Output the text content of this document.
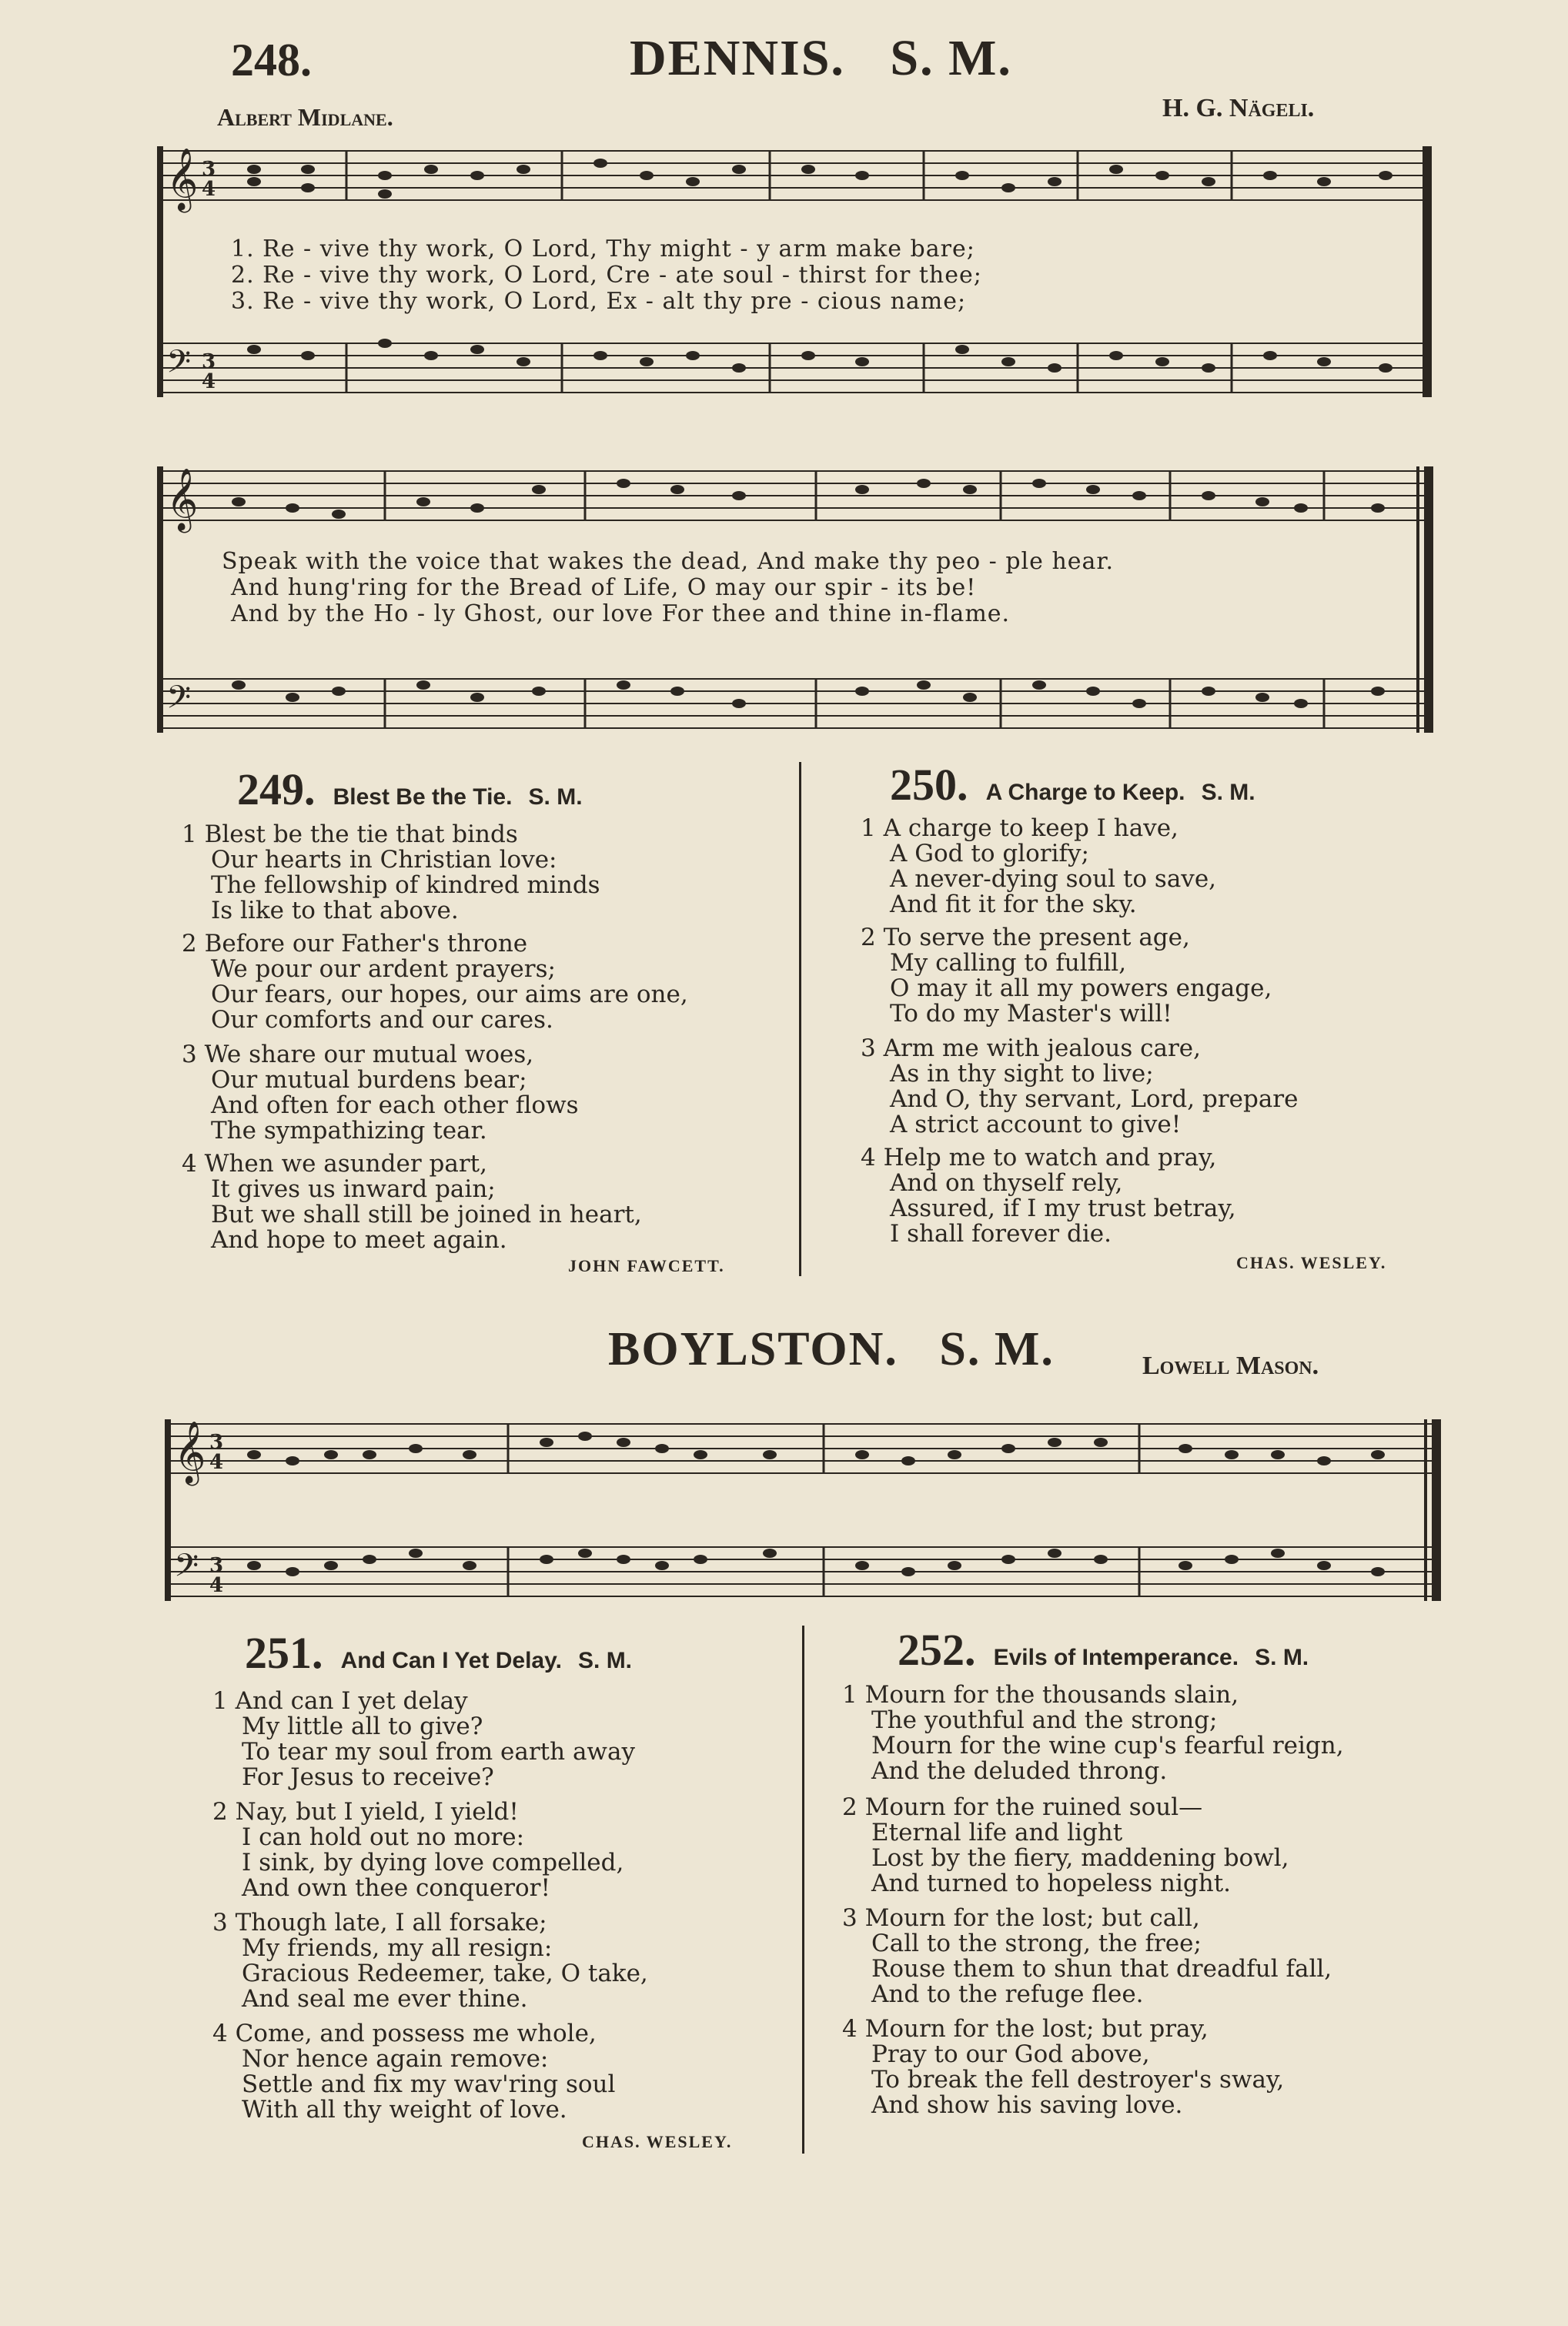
248.	DENNIS. S. M.
Albert Midlane.	H. G. Nägeli.
𝄞
𝄢
3
4
3
4
1. Re - vive thy work, O Lord, Thy might - y arm make bare;
2. Re - vive thy work, O Lord, Cre - ate soul - thirst for thee;
3. Re - vive thy work, O Lord, Ex - alt thy pre - cious name;
𝄞
𝄢
Speak with the voice that wakes the dead, And make thy peo - ple hear.
And hung'ring for the Bread of Life, O may our spir - its be!
And by the Ho - ly Ghost, our love For thee and thine in-flame.
249. Blest Be the Tie. S. M.
1 Blest be the tie that binds
Our hearts in Christian love:
The fellowship of kindred minds
Is like to that above.
2 Before our Father's throne
We pour our ardent prayers;
Our fears, our hopes, our aims are one,
Our comforts and our cares.
3 We share our mutual woes,
Our mutual burdens bear;
And often for each other flows
The sympathizing tear.
4 When we asunder part,
It gives us inward pain;
But we shall still be joined in heart,
And hope to meet again.
JOHN FAWCETT.
250. A Charge to Keep. S. M.
1 A charge to keep I have,
A God to glorify;
A never-dying soul to save,
And fit it for the sky.
2 To serve the present age,
My calling to fulfill,
O may it all my powers engage,
To do my Master's will!
3 Arm me with jealous care,
As in thy sight to live;
And O, thy servant, Lord, prepare
A strict account to give!
4 Help me to watch and pray,
And on thyself rely,
Assured, if I my trust betray,
I shall forever die.
CHAS. WESLEY.
BOYLSTON. S. M.	Lowell Mason.
𝄞
𝄢
3
4
3
4
251. And Can I Yet Delay. S. M.
1 And can I yet delay
My little all to give?
To tear my soul from earth away
For Jesus to receive?
2 Nay, but I yield, I yield!
I can hold out no more:
I sink, by dying love compelled,
And own thee conqueror!
3 Though late, I all forsake;
My friends, my all resign:
Gracious Redeemer, take, O take,
And seal me ever thine.
4 Come, and possess me whole,
Nor hence again remove:
Settle and fix my wav'ring soul
With all thy weight of love.
CHAS. WESLEY.
252. Evils of Intemperance. S. M.
1 Mourn for the thousands slain,
The youthful and the strong;
Mourn for the wine cup's fearful reign,
And the deluded throng.
2 Mourn for the ruined soul—
Eternal life and light
Lost by the fiery, maddening bowl,
And turned to hopeless night.
3 Mourn for the lost; but call,
Call to the strong, the free;
Rouse them to shun that dreadful fall,
And to the refuge flee.
4 Mourn for the lost; but pray,
Pray to our God above,
To break the fell destroyer's sway,
And show his saving love.
